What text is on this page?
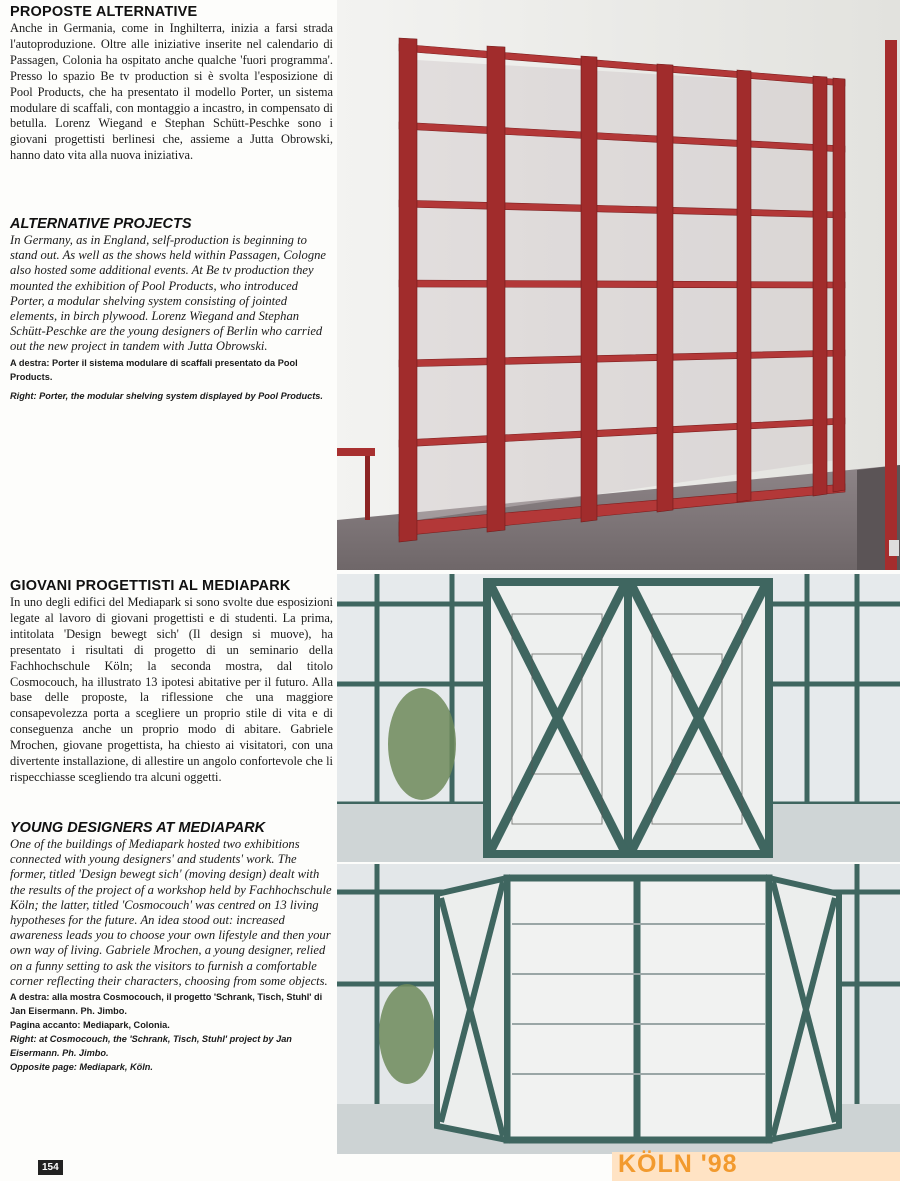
PROPOSTE ALTERNATIVE

Anche in Germania, come in Inghilterra, inizia a farsi strada l'autoproduzione. Oltre alle iniziative inserite nel calendario di Passagen, Colonia ha ospitato anche qualche 'fuori programma'. Presso lo spazio Be tv production si è svolta l'esposizione di Pool Products, che ha presentato il modello Porter, un sistema modulare di scaffali, con montaggio a incastro, in compensato di betulla. Lorenz Wiegand e Stephan Schütt-Peschke sono i giovani progettisti berlinesi che, assieme a Jutta Obrowski, hanno dato vita alla nuova iniziativa.

ALTERNATIVE PROJECTS

In Germany, as in England, self-production is beginning to stand out. As well as the shows held within Passagen, Cologne also hosted some additional events. At Be tv production they mounted the exhibition of Pool Products, who introduced Porter, a modular shelving system consisting of jointed elements, in birch plywood. Lorenz Wiegand and Stephan Schütt-Peschke are the young designers of Berlin who carried out the new project in tandem with Jutta Obrowski.

A destra: Porter il sistema modulare di scaffali presentato da Pool Products.

Right: Porter, the modular shelving system displayed by Pool Products.

GIOVANI PROGETTISTI AL MEDIAPARK

In uno degli edifici del Mediapark si sono svolte due esposizioni legate al lavoro di giovani progettisti e di studenti. La prima, intitolata 'Design bewegt sich' (Il design si muove), ha presentato i risultati di progetto di un seminario della Fachhochschule Köln; la seconda mostra, dal titolo Cosmocouch, ha illustrato 13 ipotesi abitative per il futuro. Alla base delle proposte, la riflessione che una maggiore consapevolezza porta a scegliere un proprio stile di vita e di conseguenza anche un proprio modo di abitare. Gabriele Mrochen, giovane progettista, ha chiesto ai visitatori, con una divertente installazione, di allestire un angolo confortevole che li rispecchiasse scegliendo tra alcuni oggetti.

YOUNG DESIGNERS AT MEDIAPARK

One of the buildings of Mediapark hosted two exhibitions connected with young designers' and students' work. The former, titled 'Design bewegt sich' (moving design) dealt with the results of the project of a workshop held by Fachhochschule Köln; the latter, titled 'Cosmocouch' was centred on 13 living hypotheses for the future. An idea stood out: increased awareness leads you to choose your own lifestyle and then your own way of living. Gabriele Mrochen, a young designer, relied on a funny setting to ask the visitors to furnish a comfortable corner reflecting their characters, choosing from some objects.

A destra: alla mostra Cosmocouch, il progetto 'Schrank, Tisch, Stuhl' di Jan Eisermann. Ph. Jimbo.

Pagina accanto: Mediapark, Colonia.

Right: at Cosmocouch, the 'Schrank, Tisch, Stuhl' project by Jan Eisermann. Ph. Jimbo.

Opposite page: Mediapark, Köln.

KÖLN '98
154
